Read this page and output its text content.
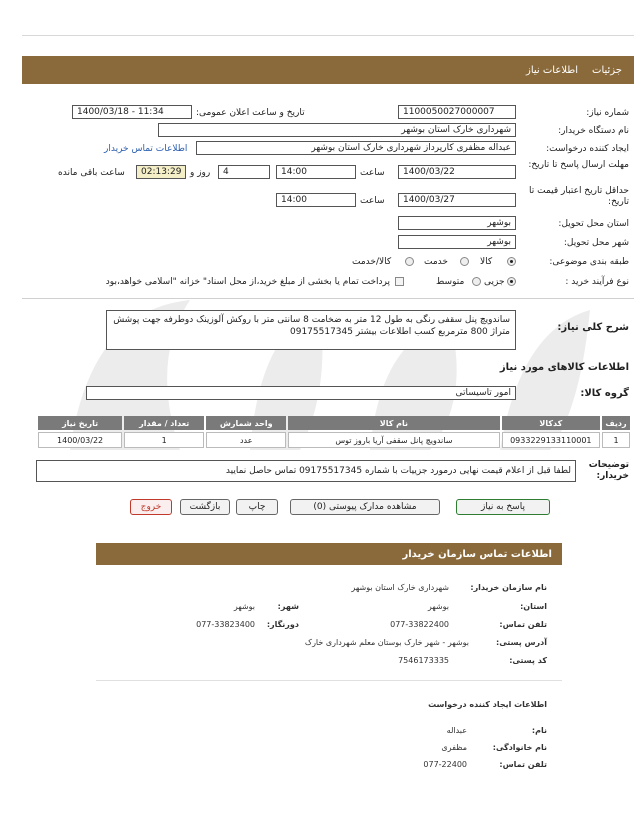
جزئیات
اطلاعات نیاز
شماره نیاز:
1100050027000007
تاریخ و ساعت اعلان عمومی:
1400/03/18 - 11:34
نام دستگاه خریدار:
شهرداری خارک استان بوشهر
ایجاد کننده درخواست:
عبداله مظفری کارپرداز شهرداری خارک استان بوشهر
اطلاعات تماس خریدار
مهلت ارسال پاسخ تا تاریخ:
1400/03/22
ساعت
14:00
4
روز و
02:13:29
ساعت باقی مانده
حداقل تاریخ اعتبار قیمت تا تاریخ:
1400/03/27
ساعت
14:00
استان محل تحویل:
بوشهر
شهر محل تحویل:
بوشهر
طبقه بندی موضوعی:
کالا
خدمت
کالا/خدمت
نوع فرآیند خرید :
جزیی
متوسط
پرداخت تمام یا بخشی از مبلغ خرید،از محل اسناد" خزانه "اسلامی خواهد،بود
شرح کلی نیاز:
ساندویچ پنل سقفی رنگی به طول 12 متر به ضخامت 8 سانتی متر با روکش آلوزینک دوطرفه جهت پوشش متراژ 800 مترمربع کسب اطلاعات بیشتر 09175517345
اطلاعات کالاهای مورد نیاز
گروه کالا:
امور تاسیساتی
ردیف	کدکالا	نام کالا	واحد شمارش	تعداد / مقدار	تاریخ نیاز
1	0933229133110001	ساندویچ پانل سقفی آریا باروز توس	عدد	1	1400/03/22
توضیحات خریدار:
لطفا قبل از اعلام قیمت نهایی درمورد جزییات با شماره 09175517345 تماس حاصل نمایید
پاسخ به نیاز
مشاهده مدارک پیوستی (0)
چاپ
بازگشت
خروج
اطلاعات تماس سازمان خریدار
نام سازمان خریدار:
شهرداری خارک استان بوشهر
استان:
بوشهر
شهر:
بوشهر
تلفن تماس:
077-33822400
دورنگار:
077-33823400
آدرس پستی:
بوشهر - شهر خارک بوستان معلم شهرداری خارک
کد پستی:
7546173335
اطلاعات ایجاد کننده درخواست
نام:
عبداله
نام خانوادگی:
مظفری
تلفن تماس:
077-22400
